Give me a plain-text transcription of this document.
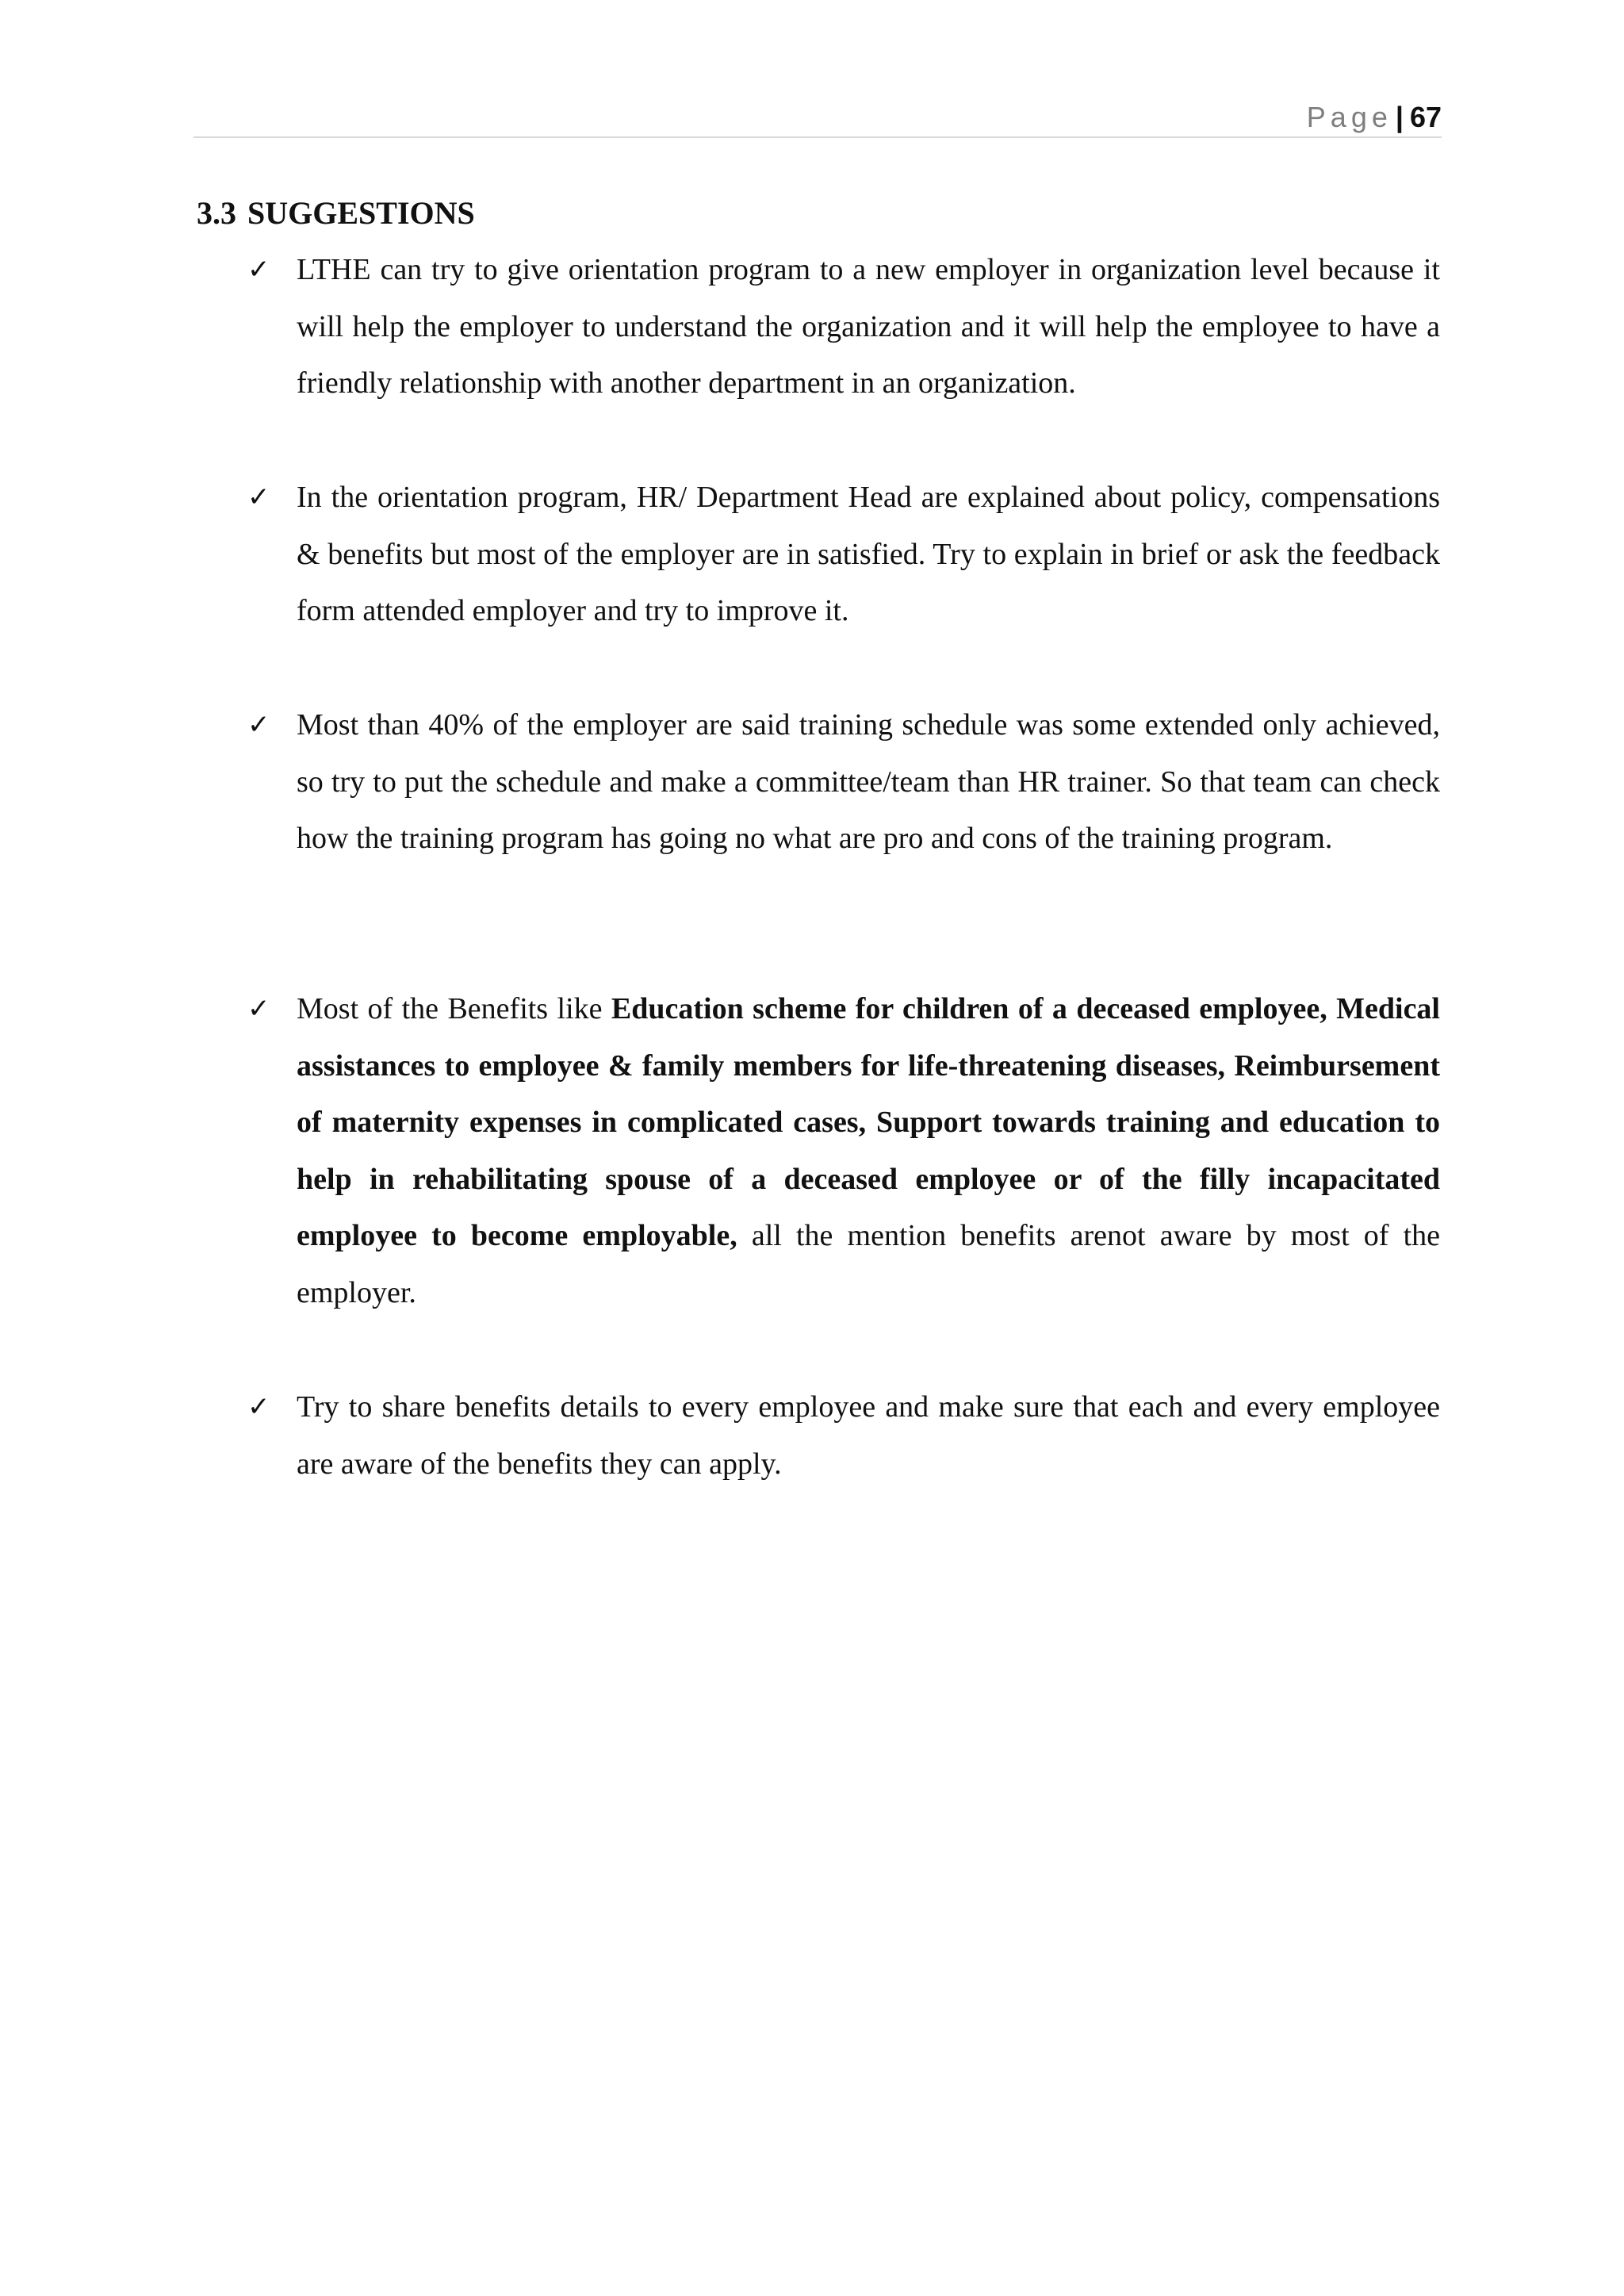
Page | 67
3.3 SUGGESTIONS
✓ LTHE can try to give orientation program to a new employer in organization level because it will help the employer to understand the organization and it will help the employee to have a friendly relationship with another department in an organization.
✓ In the orientation program, HR/ Department Head are explained about policy, compensations & benefits but most of the employer are in satisfied. Try to explain in brief or ask the feedback form attended employer and try to improve it.
✓ Most than 40% of the employer are said training schedule was some extended only achieved, so try to put the schedule and make a committee/team than HR trainer. So that team can check how the training program has going no what are pro and cons of the training program.
✓ Most of the Benefits like Education scheme for children of a deceased employee, Medical assistances to employee & family members for life-threatening diseases, Reimbursement of maternity expenses in complicated cases, Support towards training and education to help in rehabilitating spouse of a deceased employee or of the filly incapacitated employee to become employable, all the mention benefits arenot aware by most of the employer.
✓ Try to share benefits details to every employee and make sure that each and every employee are aware of the benefits they can apply.
